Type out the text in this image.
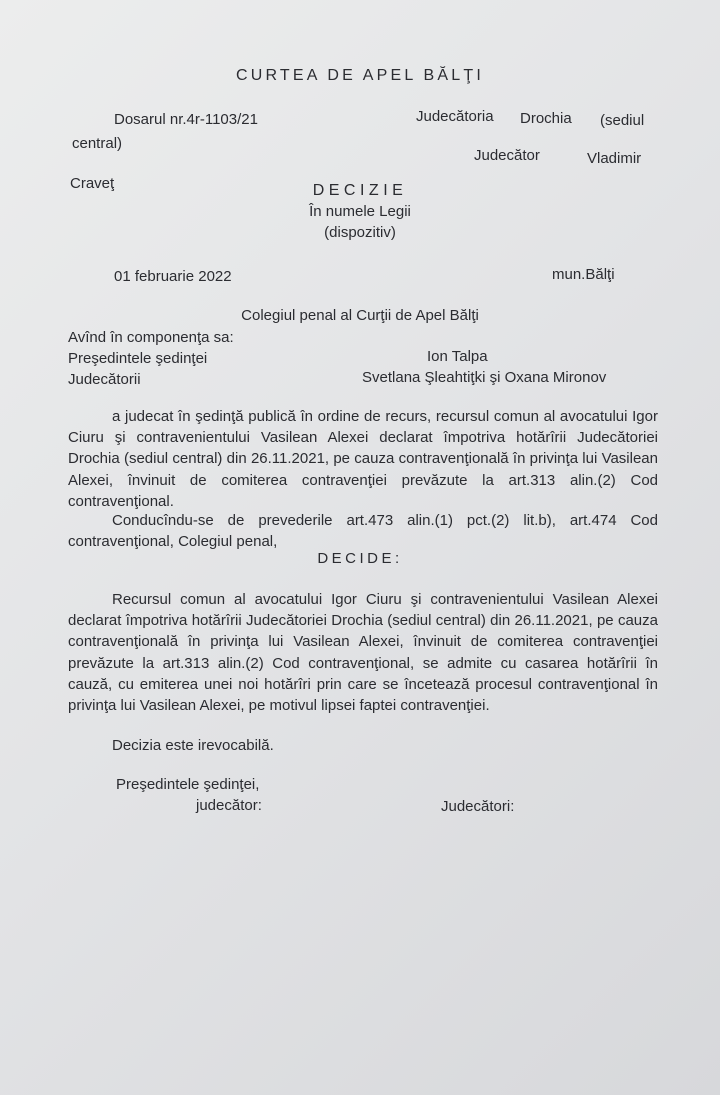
CURTEA DE APEL BĂLŢI
Dosarul nr.4r-1103/21	Judecătoria Drochia (sediul
central)
Judecător	Vladimir
Craveţ	DECIZIE
În numele Legii
(dispozitiv)
01 februarie 2022	mun.Bălţi
Colegiul penal al Curţii de Apel Bălţi
Avînd în componenţa sa:
Preşedintele şedinţei	Ion Talpa
Judecătorii	Svetlana Şleahtiţki şi Oxana Mironov
a judecat în şedinţă publică în ordine de recurs, recursul comun al avocatului Igor Ciuru şi contravenientului Vasilean Alexei declarat împotriva hotărîrii Judecătoriei Drochia (sediul central) din 26.11.2021, pe cauza contravenţională în privinţa lui Vasilean Alexei, învinuit de comiterea contravenţiei prevăzute la art.313 alin.(2) Cod contravenţional.
Conducîndu-se de prevederile art.473 alin.(1) pct.(2) lit.b), art.474 Cod contravenţional, Colegiul penal,
DECIDE:
Recursul comun al avocatului Igor Ciuru şi contravenientului Vasilean Alexei declarat împotriva hotărîrii Judecătoriei Drochia (sediul central) din 26.11.2021, pe cauza contravenţională în privinţa lui Vasilean Alexei, învinuit de comiterea contravenţiei prevăzute la art.313 alin.(2) Cod contravenţional, se admite cu casarea hotărîrii în cauză, cu emiterea unei noi hotărîri prin care se încetează procesul contravenţional în privinţa lui Vasilean Alexei, pe motivul lipsei faptei contravenţiei.
Decizia este irevocabilă.
Preşedintele şedinţei,
judecător:	Judecători:
